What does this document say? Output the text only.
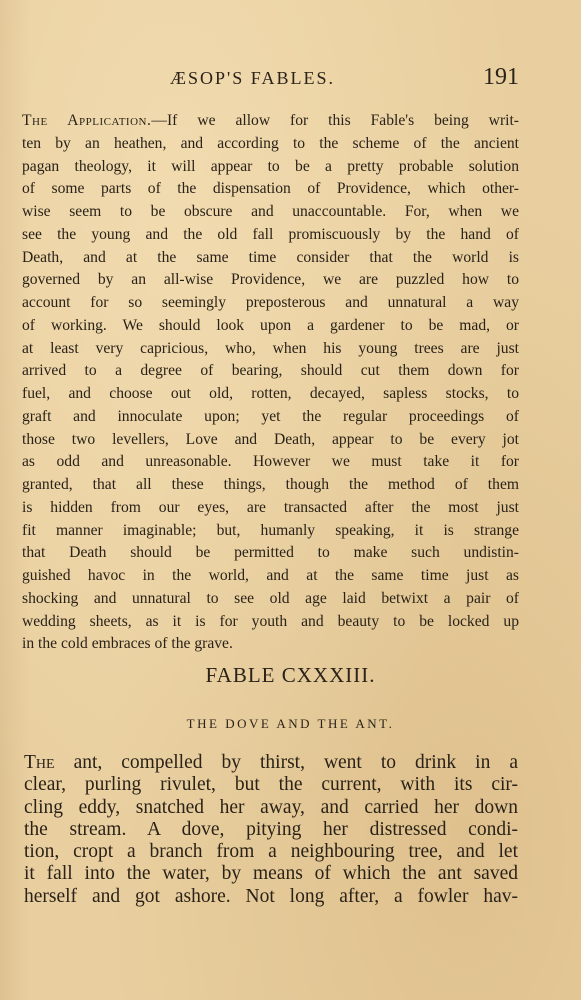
ÆSOP'S FABLES.	191
The Application.—If we allow for this Fable's being writ-
ten by an heathen, and according to the scheme of the ancient
pagan theology, it will appear to be a pretty probable solution
of some parts of the dispensation of Providence, which other-
wise seem to be obscure and unaccountable. For, when we
see the young and the old fall promiscuously by the hand of
Death, and at the same time consider that the world is
governed by an all-wise Providence, we are puzzled how to
account for so seemingly preposterous and unnatural a way
of working. We should look upon a gardener to be mad, or
at least very capricious, who, when his young trees are just
arrived to a degree of bearing, should cut them down for
fuel, and choose out old, rotten, decayed, sapless stocks, to
graft and innoculate upon; yet the regular proceedings of
those two levellers, Love and Death, appear to be every jot
as odd and unreasonable. However we must take it for
granted, that all these things, though the method of them
is hidden from our eyes, are transacted after the most just
fit manner imaginable; but, humanly speaking, it is strange
that Death should be permitted to make such undistin-
guished havoc in the world, and at the same time just as
shocking and unnatural to see old age laid betwixt a pair of
wedding sheets, as it is for youth and beauty to be locked up
in the cold embraces of the grave.
FABLE CXXXIII.
THE DOVE AND THE ANT.
The ant, compelled by thirst, went to drink in a
clear, purling rivulet, but the current, with its cir-
cling eddy, snatched her away, and carried her down
the stream. A dove, pitying her distressed condi-
tion, cropt a branch from a neighbouring tree, and let
it fall into the water, by means of which the ant saved
herself and got ashore. Not long after, a fowler hav-
